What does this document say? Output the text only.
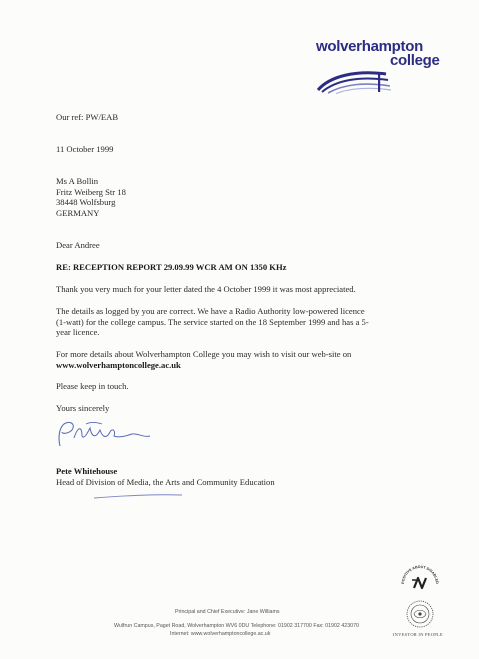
wolverhampton
college
Our ref: PW/EAB
11 October 1999
Ms A Bollin
Fritz Weiberg Str 18
38448 Wolfsburg
GERMANY
Dear Andree
RE: RECEPTION REPORT 29.09.99 WCR AM ON 1350 KHz
Thank you very much for your letter dated the 4 October 1999 it was most appreciated.
The details as logged by you are correct. We have a Radio Authority low-powered licence
(1-watt) for the college campus. The service started on the 18 September 1999 and has a 5-
year licence.
For more details about Wolverhampton College you may wish to visit our web-site on
www.wolverhamptoncollege.ac.uk
Please keep in touch.
Yours sincerely
Pete Whitehouse
Head of Division of Media, the Arts and Community Education
Principal and Chief Executive: Jane Williams
Wulfrun Campus, Paget Road, Wolverhampton WV6 0DU Telephone: 01902 317700 Fax: 01902 423070
Internet: www.wolverhamptoncollege.ac.uk
POSITIVE ABOUT DISABLED
INVESTOR IN PEOPLE
